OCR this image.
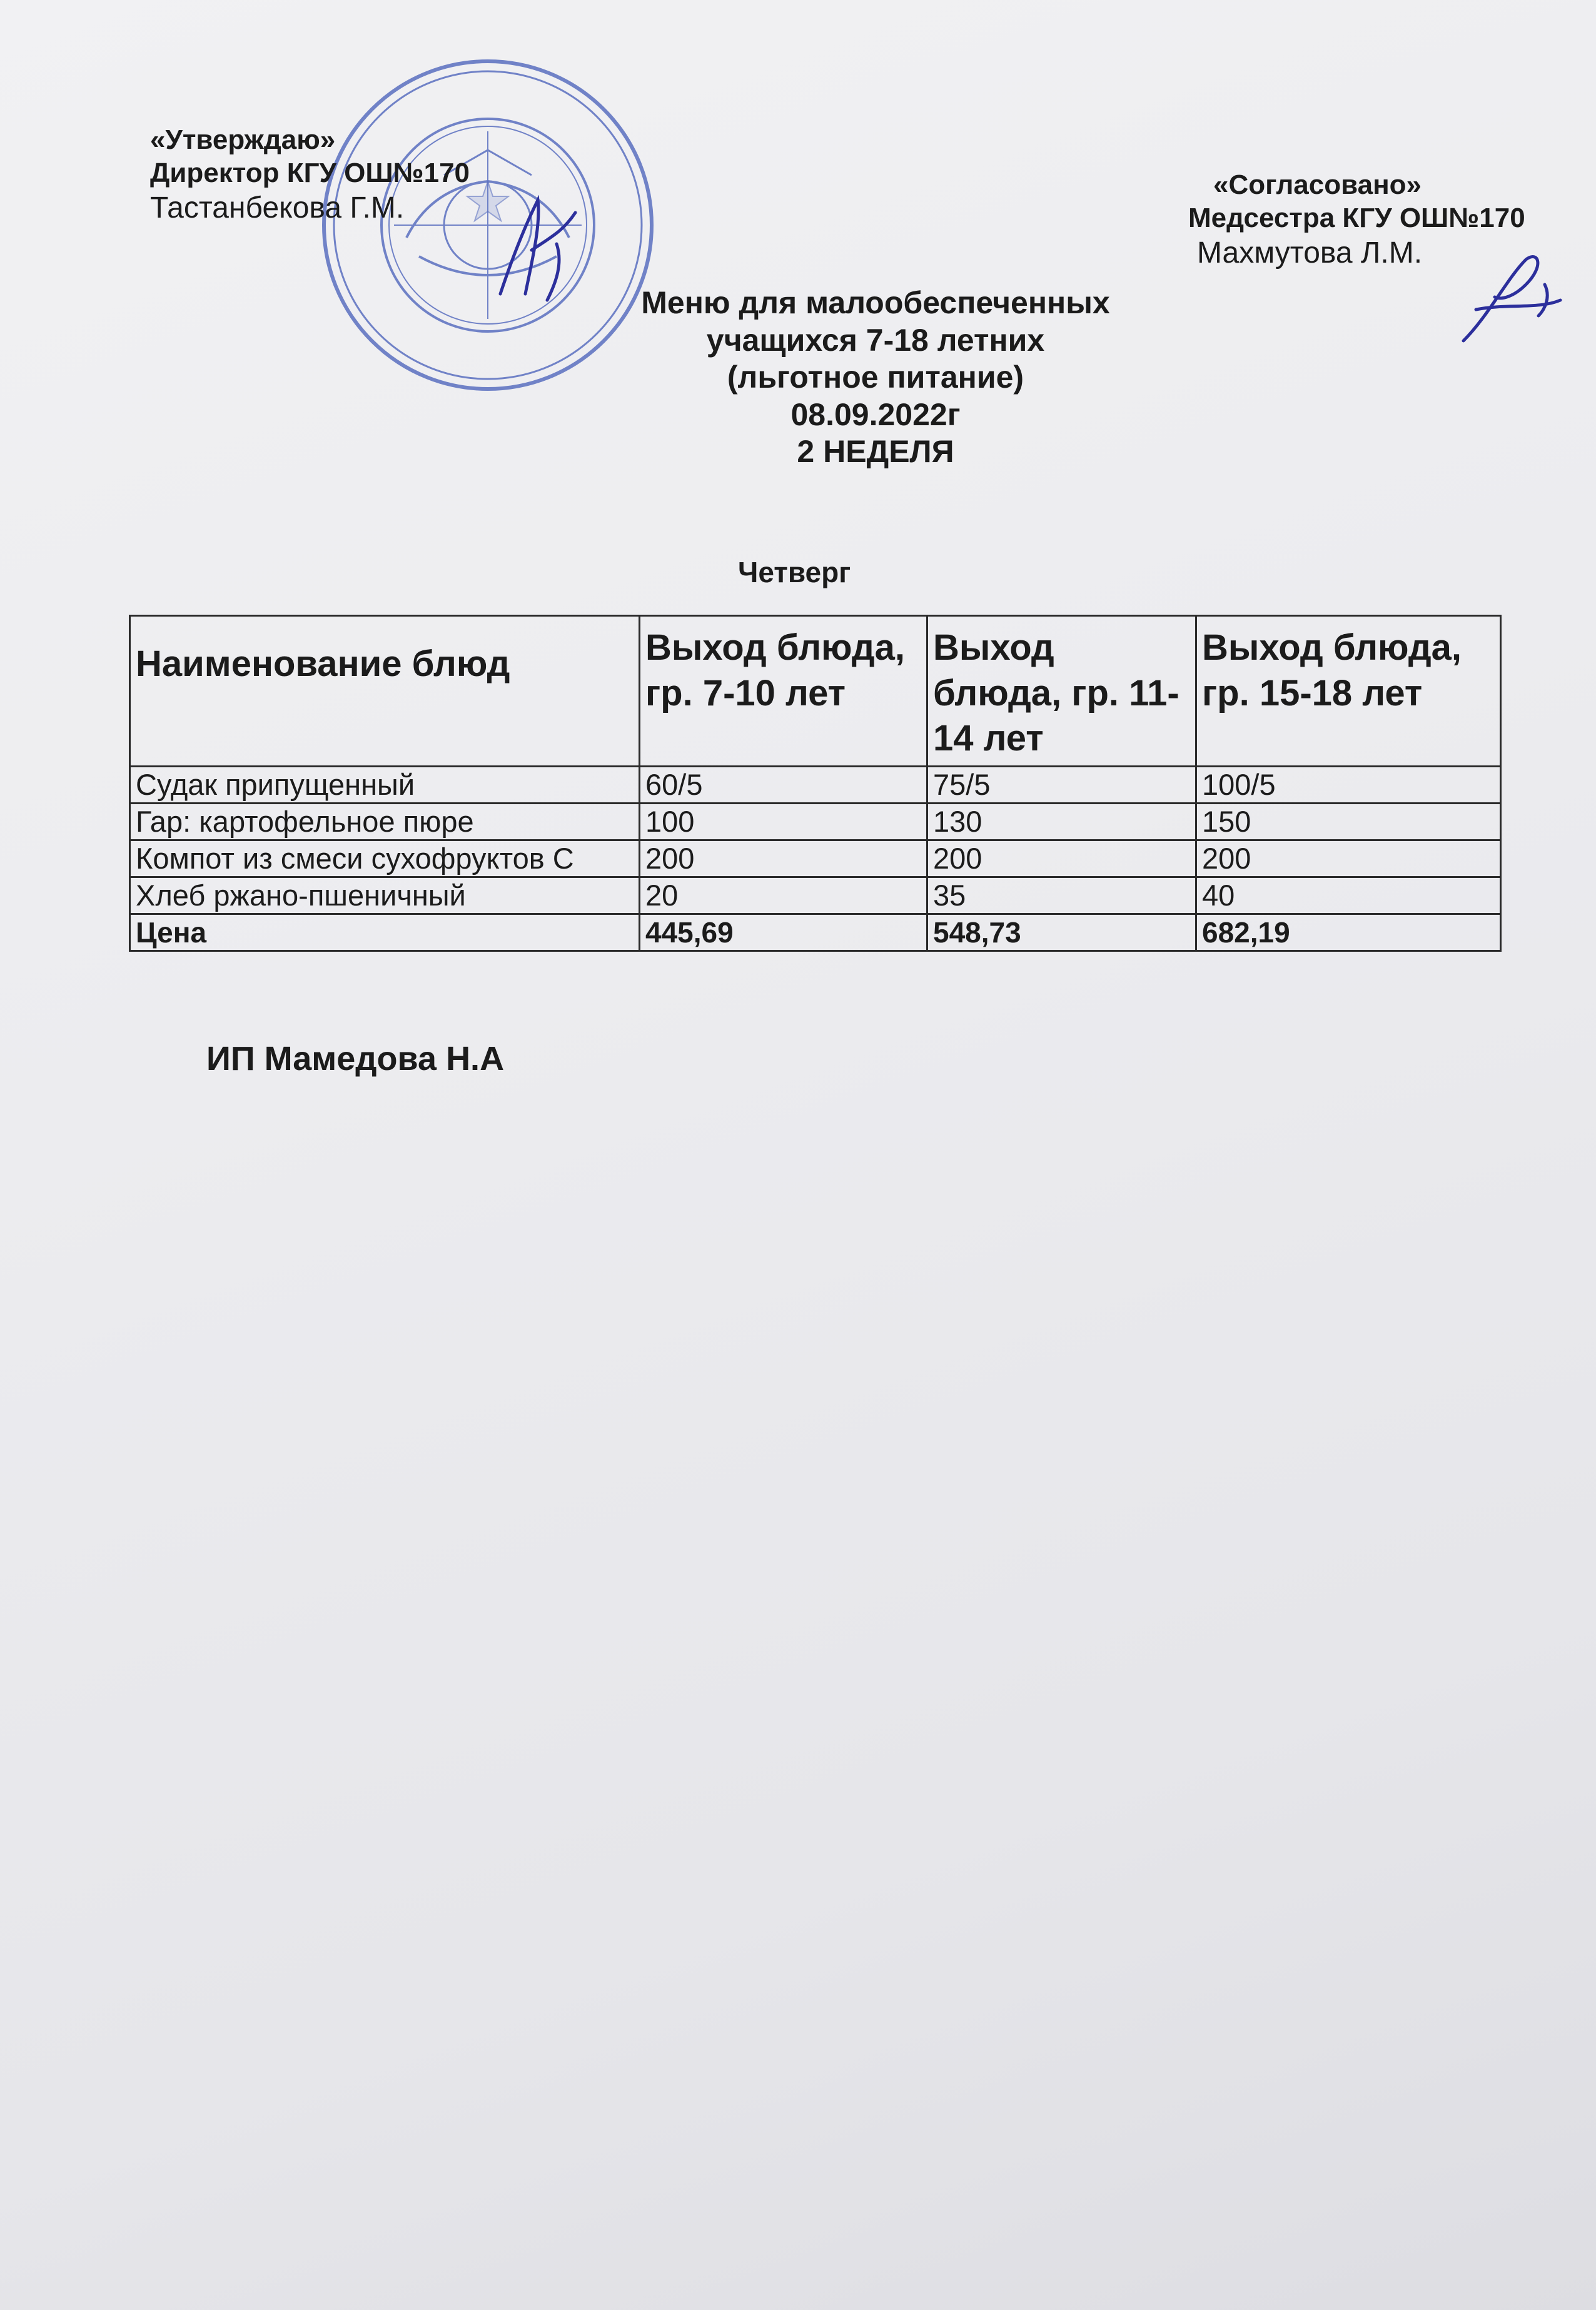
«Утверждаю»
Директор КГУ ОШ№170
Тастанбекова Г.М.
«Согласовано»
Медсестра КГУ ОШ№170
Махмутова Л.М.
Меню для малообеспеченных
учащихся 7-18 летних
(льготное питание)
08.09.2022г
2 НЕДЕЛЯ
Четверг
Наименование блюд	Выход блюда, гр. 7-10 лет	Выход блюда, гр. 11-14 лет	Выход блюда, гр. 15-18 лет
Судак припущенный	60/5	75/5	100/5
Гар: картофельное пюре	100	130	150
Компот из смеси сухофруктов С	200	200	200
Хлеб ржано-пшеничный	20	35	40
Цена	445,69	548,73	682,19
ИП Мамедова Н.А
